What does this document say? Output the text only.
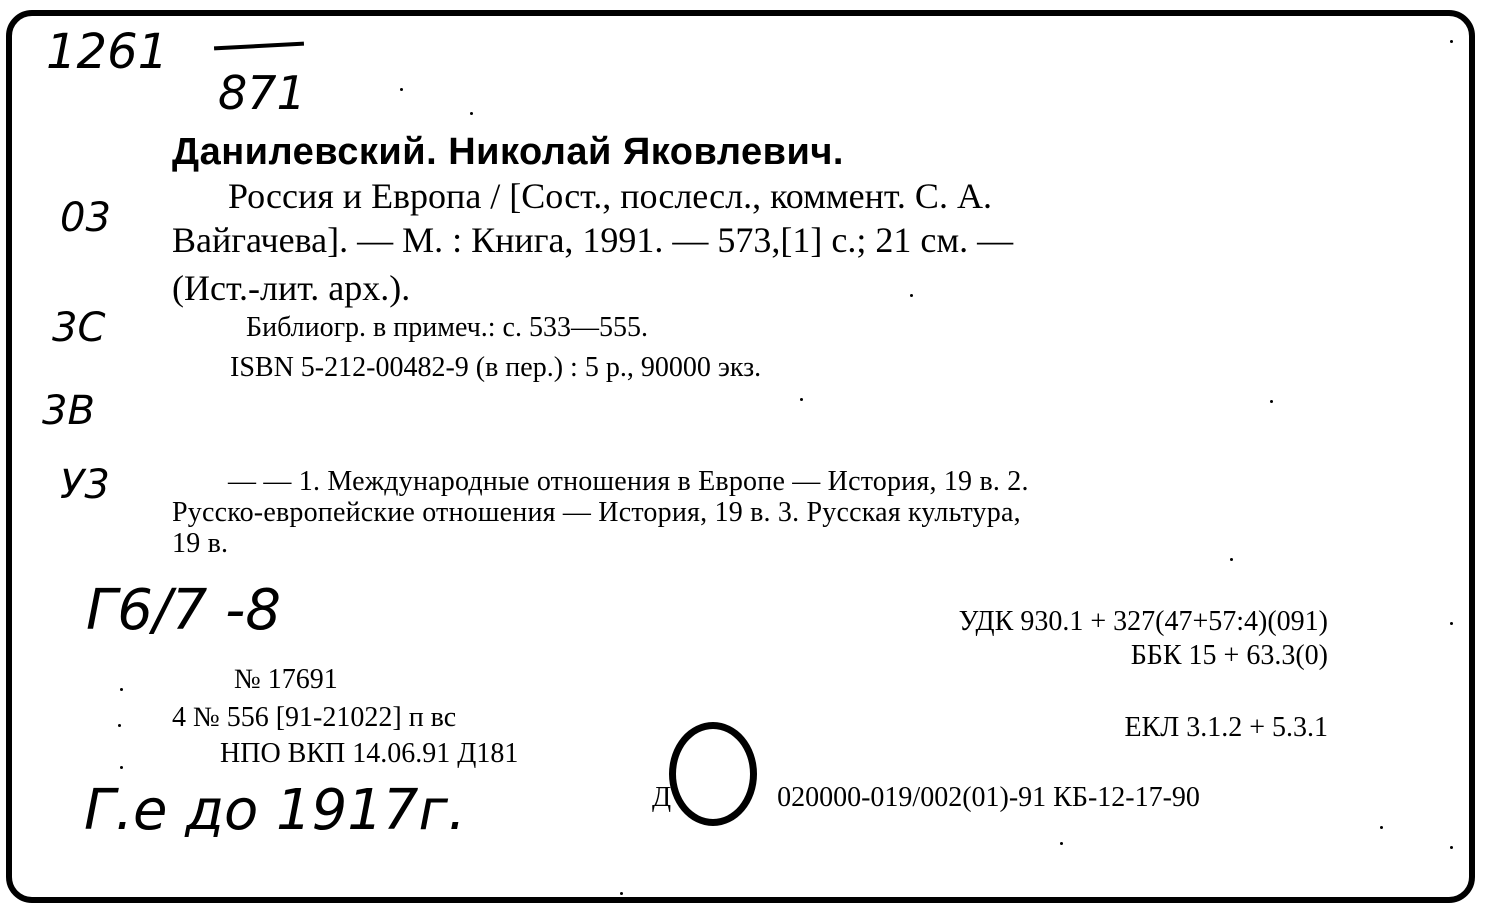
1261
871
03
3C
3B
У3
Г6/7 -8
Г.е до 1917г.
Данилевский. Николай Яковлевич.
Россия и Европа / [Сост., послесл., коммент. С. А.
Вайгачева]. — М. : Книга, 1991. — 573,[1] с.; 21 см. —
(Ист.-лит. арх.).
Библиогр. в примеч.: с. 533—555.
ISBN 5-212-00482-9 (в пер.) : 5 р., 90000 экз.
— — 1. Международные отношения в Европе — История, 19 в. 2.
Русско-европейские отношения — История, 19 в. 3. Русская культура,
19 в.
УДК 930.1 + 327(47+57:4)(091)
ББК 15 + 63.3(0)
ЕКЛ 3.1.2 + 5.3.1
№ 17691
4 № 556 [91-21022] п вс
НПО ВКП 14.06.91 Д181
Д	020000-019/002(01)-91 КБ-12-17-90
